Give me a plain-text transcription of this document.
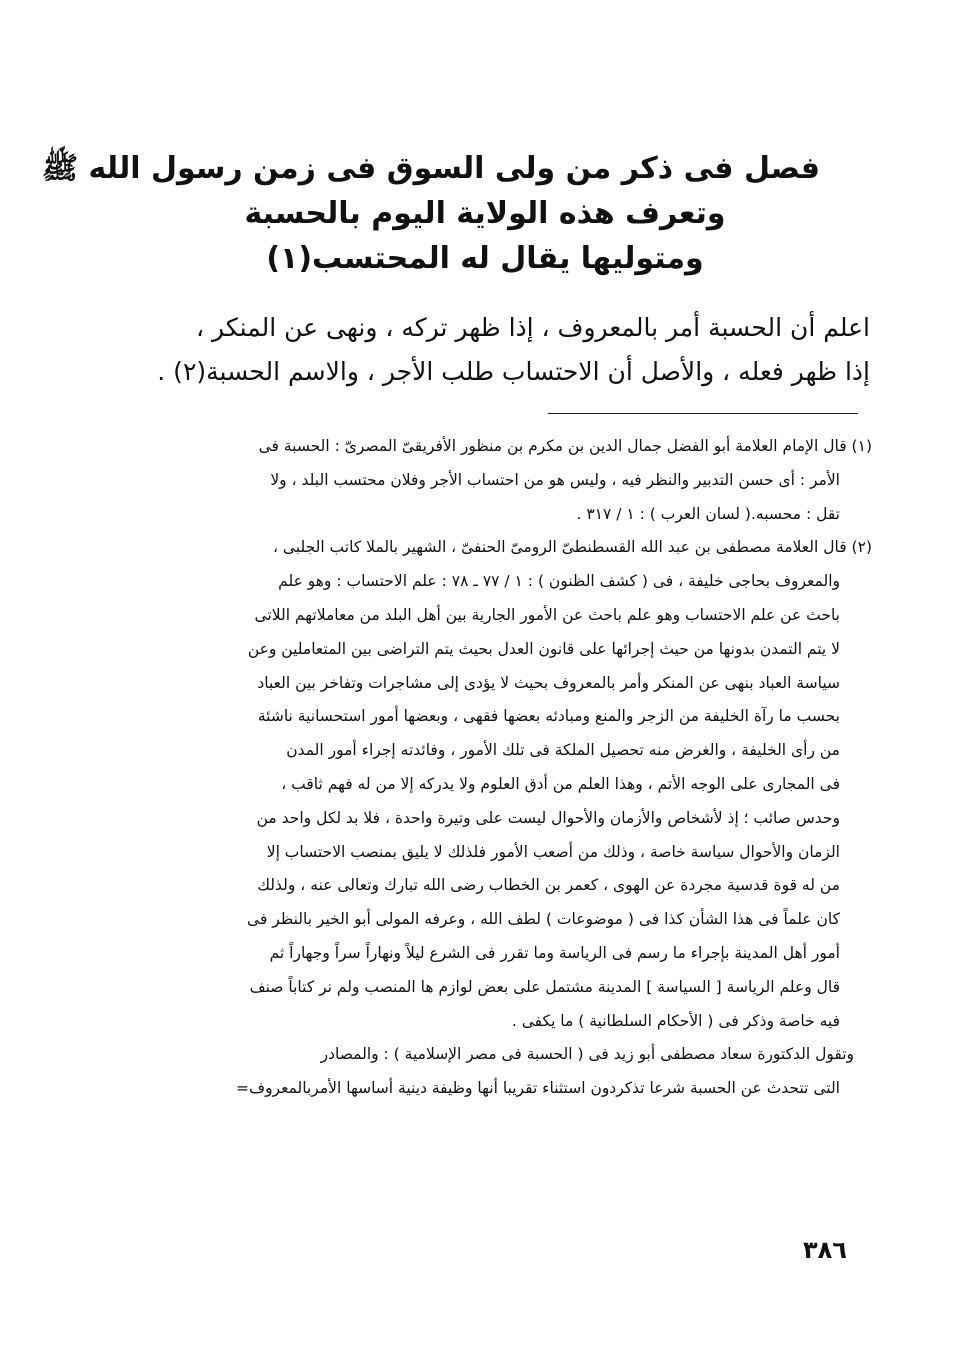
فصل فى ذكر من ولى السوق فى زمن رسول الله ﷺ
وتعرف هذه الولاية اليوم بالحسبة
ومتوليها يقال له المحتسب(١)
اعلم أن الحسبة أمر بالمعروف ، إذا ظهر تركه ، ونهى عن المنكر ،
إذا ظهر فعله ، والأصل أن الاحتساب طلب الأجر ، والاسم الحسبة(٢) .
(١) قال الإمام العلامة أبو الفضل جمال الدين بن مكرم بن منظور الأفريقىّ المصرىّ : الحسبة فى
الأمر : أى حسن التدبير والنظر فيه ، وليس هو من احتساب الأجر وفلان محتسب البلد ، ولا
تقل : محسبه.( لسان العرب ) : ١ / ٣١٧ .
(٢) قال العلامة مصطفى بن عبد الله القسطنطىّ الرومىّ الحنفىّ ، الشهير بالملا كاتب الجلبى ،
والمعروف بحاجى خليفة ، فى ( كشف الظنون ) : ١ / ٧٧ ـ ٧٨ : علم الاحتساب : وهو علم
باحث عن علم الاحتساب وهو علم باحث عن الأمور الجارية بين أهل البلد من معاملاتهم اللاتى
لا يتم التمدن بدونها من حيث إجرائها على قانون العدل بحيث يتم التراضى بين المتعاملين وعن
سياسة العباد بنهى عن المنكر وأمر بالمعروف بحيث لا يؤدى إلى مشاجرات وتفاخر بين العباد
بحسب ما رآة الخليفة من الزجر والمنع ومبادئه بعضها فقهى ، وبعضها أمور استحسانية ناشئة
من رأى الخليفة ، والغرض منه تحصيل الملكة فى تلك الأمور ، وفائدته إجراء أمور المدن
فى المجارى على الوجه الأتم ، وهذا العلم من أدق العلوم ولا يدركه إلا من له فهم ثاقب ،
وحدس صائب ؛ إذ لأشخاص والأزمان والأحوال ليست على وتيرة واحدة ، فلا بد لكل واحد من
الزمان والأحوال سياسة خاصة ، وذلك من أصعب الأمور فلذلك لا يليق بمنصب الاحتساب إلا
من له قوة قدسية مجردة عن الهوى ، كعمر بن الخطاب رضى الله تبارك وتعالى عنه ، ولذلك
كان علماً فى هذا الشأن كذا فى ( موضوعات ) لطف الله ، وعرفه المولى أبو الخير بالنظر فى
أمور أهل المدينة بإجراء ما رسم فى الرياسة وما تقرر فى الشرع ليلاً ونهاراً سراً وجهاراً ثم
قال وعلم الرياسة [ السياسة ] المدينة مشتمل على بعض لوازم ها المنصب ولم نر كتاباً صنف
فيه خاصة وذكر فى ( الأحكام السلطانية ) ما يكفى .
وتقول الدكتورة سعاد مصطفى أبو زيد فى ( الحسبة فى مصر الإسلامية ) : والمصادر
التى تتحدث عن الحسبة شرعا تذكردون استثناء تقريبا أنها وظيفة دينية أساسها الأمربالمعروف=
٣٨٦
